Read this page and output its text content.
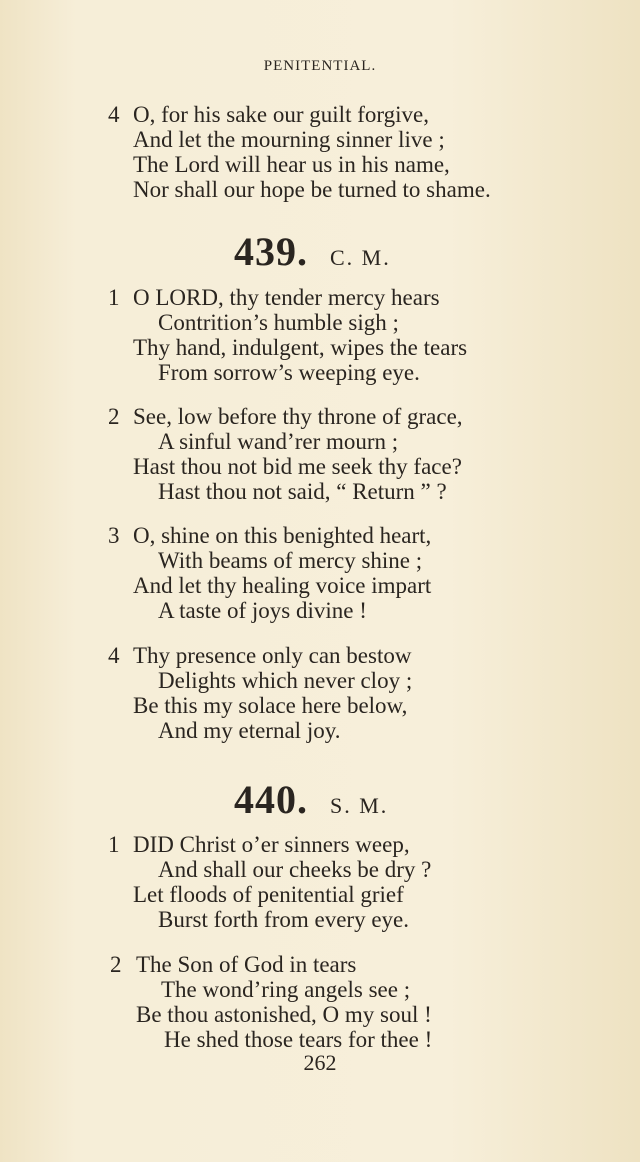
PENITENTIAL.
4 O, for his sake our guilt forgive,
And let the mourning sinner live ;
The Lord will hear us in his name,
Nor shall our hope be turned to shame.
439. C. M.
1 O LORD, thy tender mercy hears
Contrition’s humble sigh ;
Thy hand, indulgent, wipes the tears
From sorrow’s weeping eye.
2 See, low before thy throne of grace,
A sinful wand’rer mourn ;
Hast thou not bid me seek thy face?
Hast thou not said, “ Return ” ?
3 O, shine on this benighted heart,
With beams of mercy shine ;
And let thy healing voice impart
A taste of joys divine !
4 Thy presence only can bestow
Delights which never cloy ;
Be this my solace here below,
And my eternal joy.
440. S. M.
1 DID Christ o’er sinners weep,
And shall our cheeks be dry ?
Let floods of penitential grief
Burst forth from every eye.
2 The Son of God in tears
The wond’ring angels see ;
Be thou astonished, O my soul !
He shed those tears for thee !
262
